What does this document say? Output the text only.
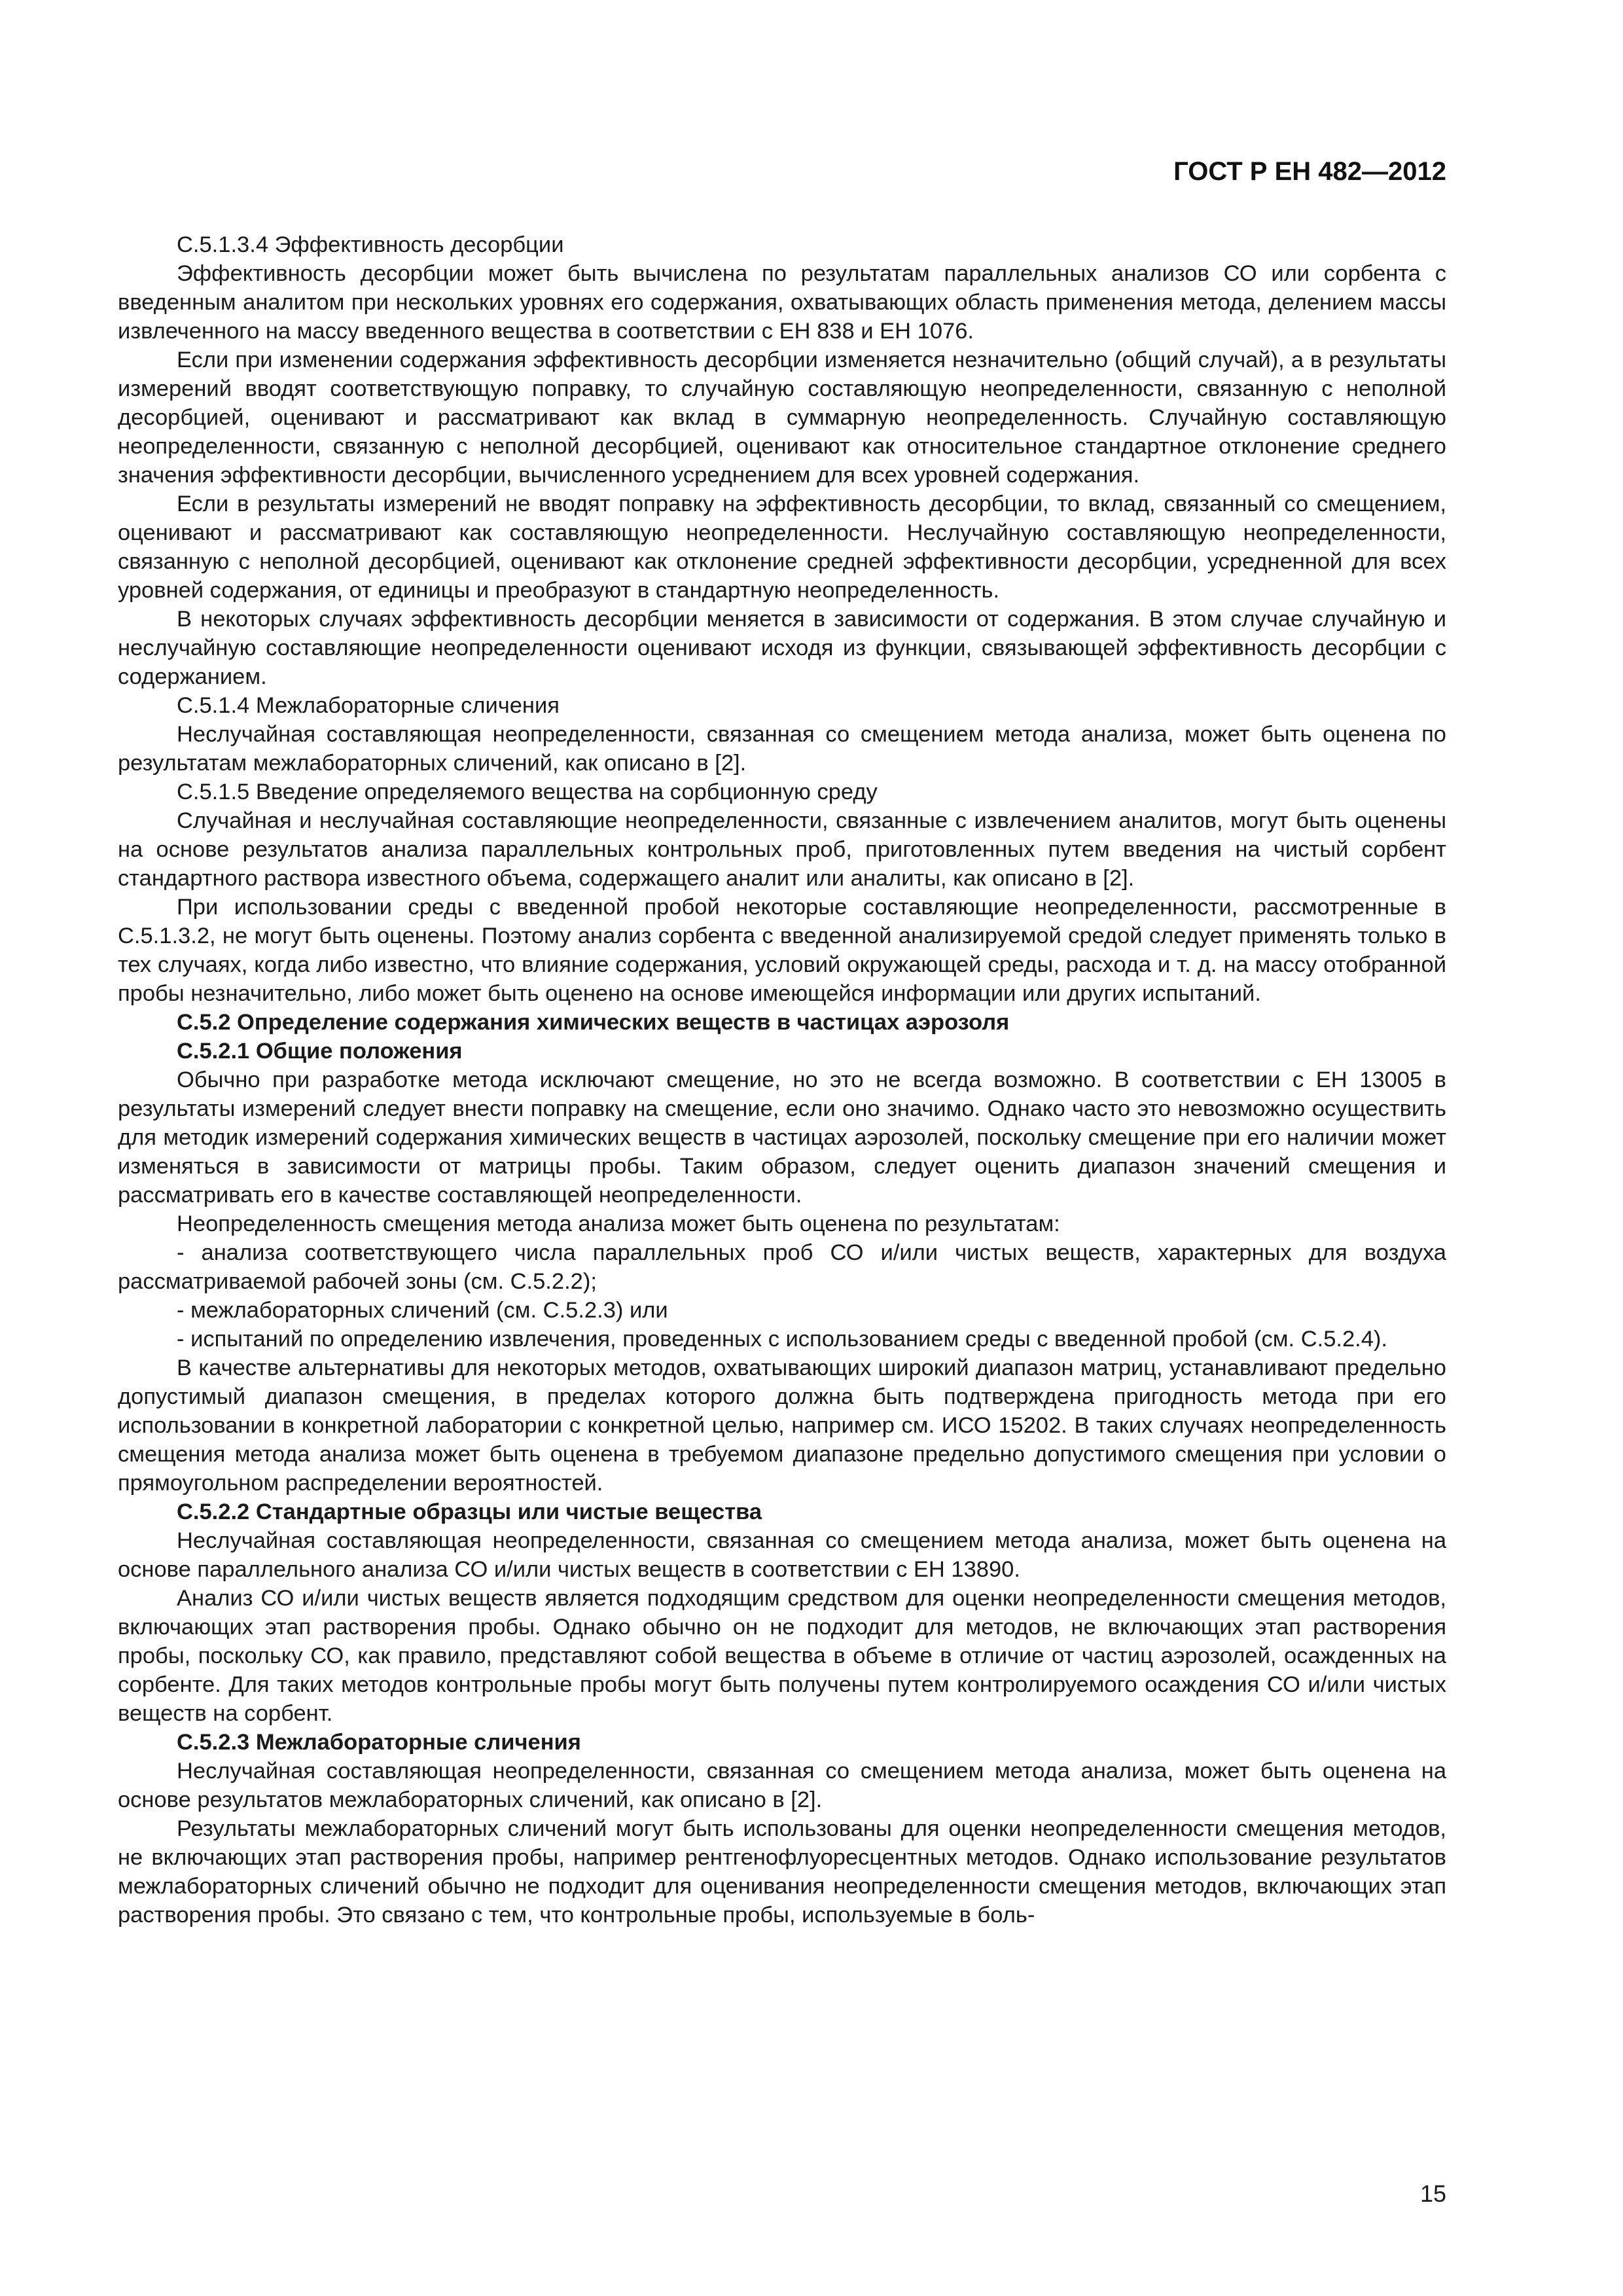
ГОСТ Р ЕН 482—2012
С.5.1.3.4 Эффективность десорбции

Эффективность десорбции может быть вычислена по результатам параллельных анализов СО или сорбента с введенным аналитом при нескольких уровнях его содержания, охватывающих область применения метода, делением массы извлеченного на массу введенного вещества в соответствии с ЕН 838 и ЕН 1076.

Если при изменении содержания эффективность десорбции изменяется незначительно (общий случай), а в результаты измерений вводят соответствующую поправку, то случайную составляющую неопределенности, связанную с неполной десорбцией, оценивают и рассматривают как вклад в суммарную неопределенность. Случайную составляющую неопределенности, связанную с неполной десорбцией, оценивают как относительное стандартное отклонение среднего значения эффективности десорбции, вычисленного усреднением для всех уровней содержания.

Если в результаты измерений не вводят поправку на эффективность десорбции, то вклад, связанный со смещением, оценивают и рассматривают как составляющую неопределенности. Неслучайную составляющую неопределенности, связанную с неполной десорбцией, оценивают как отклонение средней эффективности десорбции, усредненной для всех уровней содержания, от единицы и преобразуют в стандартную неопределенность.

В некоторых случаях эффективность десорбции меняется в зависимости от содержания. В этом случае случайную и неслучайную составляющие неопределенности оценивают исходя из функции, связывающей эффективность десорбции с содержанием.

С.5.1.4 Межлабораторные сличения

Неслучайная составляющая неопределенности, связанная со смещением метода анализа, может быть оценена по результатам межлабораторных сличений, как описано в [2].

С.5.1.5 Введение определяемого вещества на сорбционную среду

Случайная и неслучайная составляющие неопределенности, связанные с извлечением аналитов, могут быть оценены на основе результатов анализа параллельных контрольных проб, приготовленных путем введения на чистый сорбент стандартного раствора известного объема, содержащего аналит или аналиты, как описано в [2].

При использовании среды с введенной пробой некоторые составляющие неопределенности, рассмотренные в С.5.1.3.2, не могут быть оценены. Поэтому анализ сорбента с введенной анализируемой средой следует применять только в тех случаях, когда либо известно, что влияние содержания, условий окружающей среды, расхода и т. д. на массу отобранной пробы незначительно, либо может быть оценено на основе имеющейся информации или других испытаний.

С.5.2 Определение содержания химических веществ в частицах аэрозоля
С.5.2.1 Общие положения

Обычно при разработке метода исключают смещение, но это не всегда возможно. В соответствии с ЕН 13005 в результаты измерений следует внести поправку на смещение, если оно значимо. Однако часто это невозможно осуществить для методик измерений содержания химических веществ в частицах аэрозолей, поскольку смещение при его наличии может изменяться в зависимости от матрицы пробы. Таким образом, следует оценить диапазон значений смещения и рассматривать его в качестве составляющей неопределенности.

Неопределенность смещения метода анализа может быть оценена по результатам:

- анализа соответствующего числа параллельных проб СО и/или чистых веществ, характерных для воздуха рассматриваемой рабочей зоны (см. С.5.2.2);

- межлабораторных сличений (см. С.5.2.3) или

- испытаний по определению извлечения, проведенных с использованием среды с введенной пробой (см. С.5.2.4).

В качестве альтернативы для некоторых методов, охватывающих широкий диапазон матриц, устанавливают предельно допустимый диапазон смещения, в пределах которого должна быть подтверждена пригодность метода при его использовании в конкретной лаборатории с конкретной целью, например см. ИСО 15202. В таких случаях неопределенность смещения метода анализа может быть оценена в требуемом диапазоне предельно допустимого смещения при условии о прямоугольном распределении вероятностей.

С.5.2.2 Стандартные образцы или чистые вещества

Неслучайная составляющая неопределенности, связанная со смещением метода анализа, может быть оценена на основе параллельного анализа СО и/или чистых веществ в соответствии с ЕН 13890.

Анализ СО и/или чистых веществ является подходящим средством для оценки неопределенности смещения методов, включающих этап растворения пробы. Однако обычно он не подходит для методов, не включающих этап растворения пробы, поскольку СО, как правило, представляют собой вещества в объеме в отличие от частиц аэрозолей, осажденных на сорбенте. Для таких методов контрольные пробы могут быть получены путем контролируемого осаждения СО и/или чистых веществ на сорбент.

С.5.2.3 Межлабораторные сличения

Неслучайная составляющая неопределенности, связанная со смещением метода анализа, может быть оценена на основе результатов межлабораторных сличений, как описано в [2].

Результаты межлабораторных сличений могут быть использованы для оценки неопределенности смещения методов, не включающих этап растворения пробы, например рентгенофлуоресцентных методов. Однако использование результатов межлабораторных сличений обычно не подходит для оценивания неопределенности смещения методов, включающих этап растворения пробы. Это связано с тем, что контрольные пробы, используемые в боль-

15
